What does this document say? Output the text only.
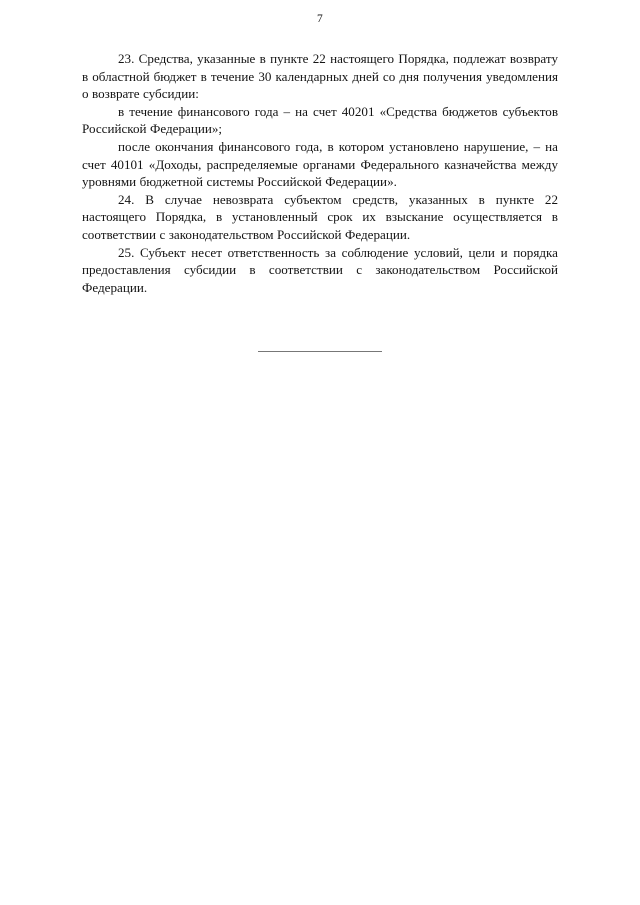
7

23. Средства, указанные в пункте 22 настоящего Порядка, подлежат возврату в областной бюджет в течение 30 календарных дней со дня получения уведомления о возврате субсидии:

в течение финансового года – на счет 40201 «Средства бюджетов субъектов Российской Федерации»;

после окончания финансового года, в котором установлено нарушение, – на счет 40101 «Доходы, распределяемые органами Федерального казначейства между уровнями бюджетной системы Российской Федерации».

24. В случае невозврата субъектом средств, указанных в пункте 22 настоящего Порядка, в установленный срок их взыскание осуществляется в соответствии с законодательством Российской Федерации.

25. Субъект несет ответственность за соблюдение условий, цели и порядка предоставления субсидии в соответствии с законодательством Российской Федерации.
